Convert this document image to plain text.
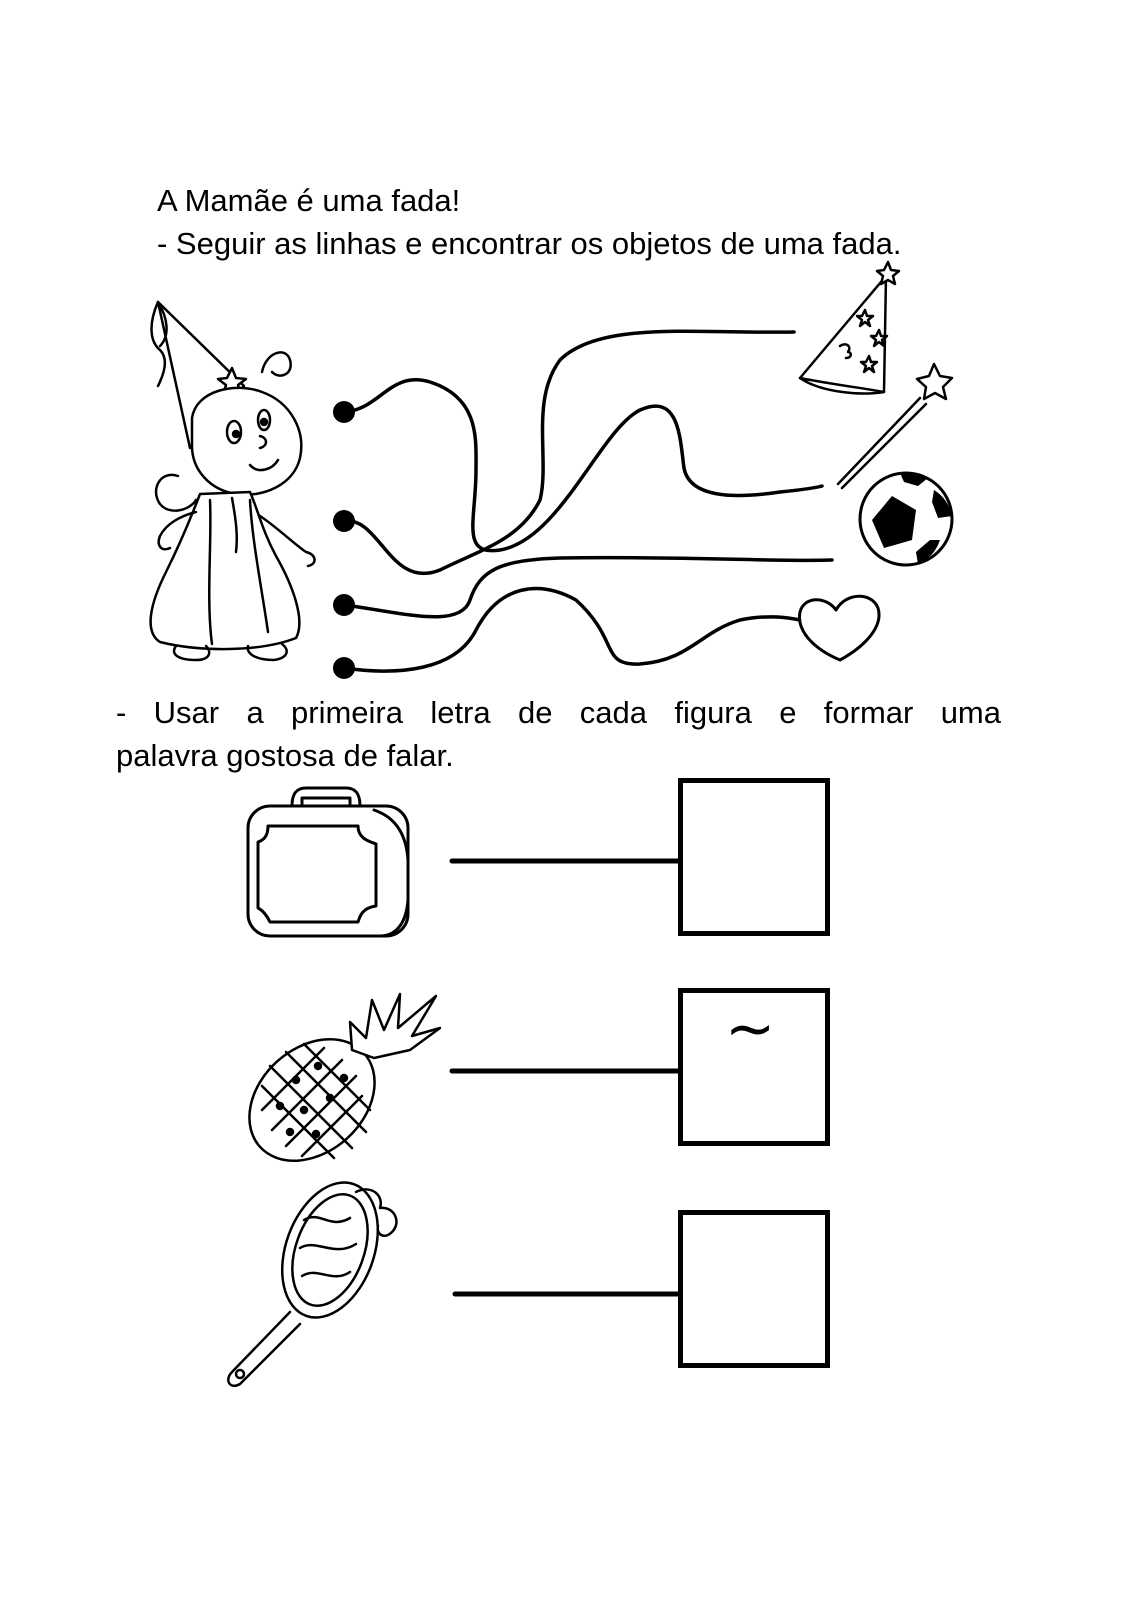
A Mamãe é uma fada!
- Seguir as linhas e encontrar os objetos de uma fada.
- Usar a primeira letra de cada figura e formar uma
palavra gostosa de falar.
~
